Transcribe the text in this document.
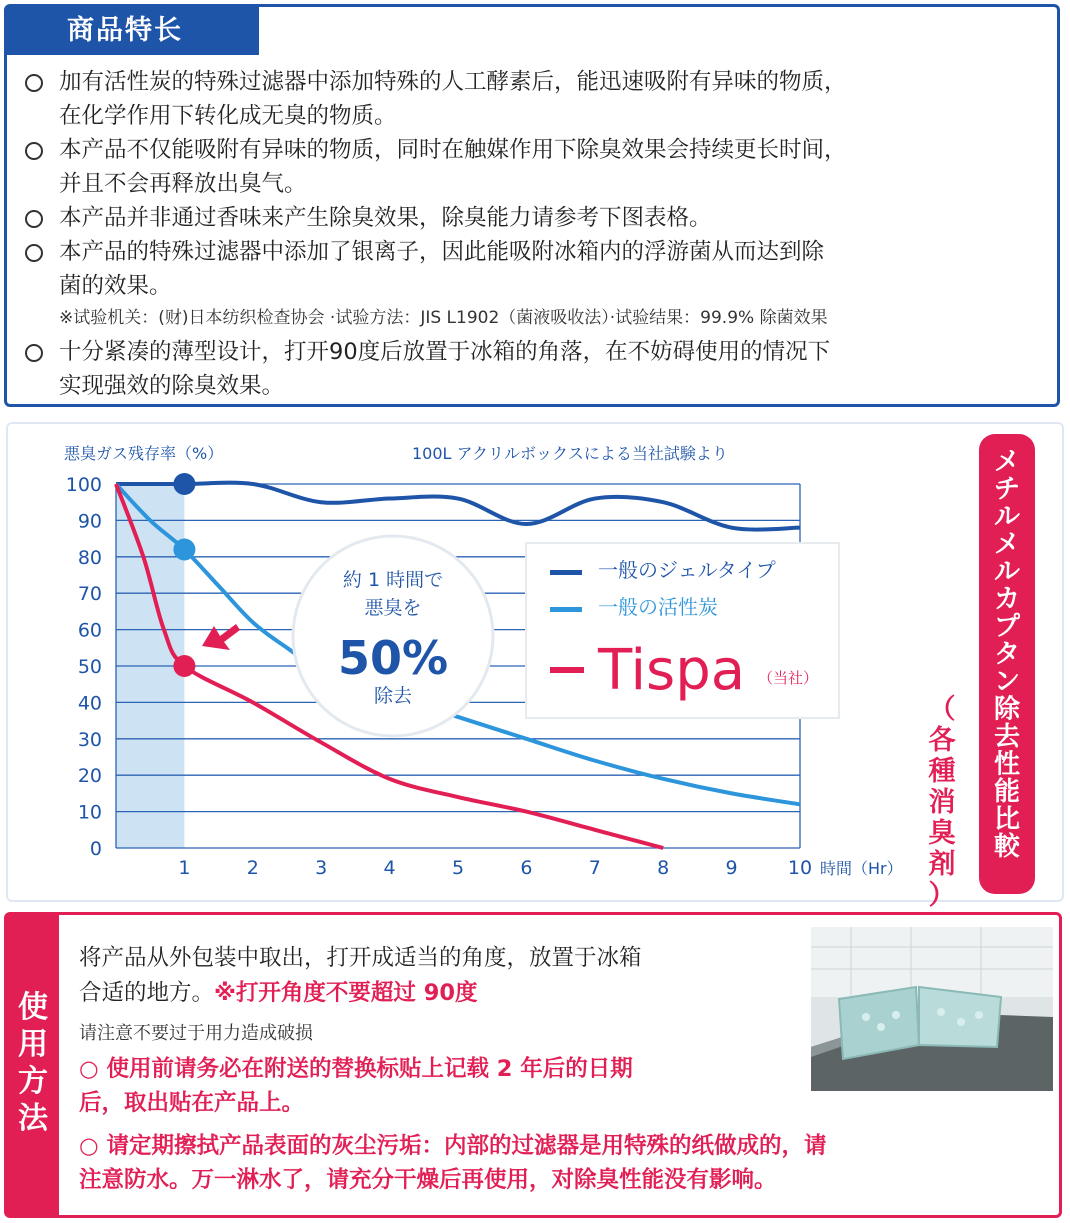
商品特长
加有活性炭的特殊过滤器中添加特殊的人工酵素后，能迅速吸附有异味的物质，
在化学作用下转化成无臭的物质。
本产品不仅能吸附有异味的物质，同时在触媒作用下除臭效果会持续更长时间，
并且不会再释放出臭气。
本产品并非通过香味来产生除臭效果，除臭能力请参考下图表格。
本产品的特殊过滤器中添加了银离子，因此能吸附冰箱内的浮游菌从而达到除
菌的效果。
※试验机关：(财)日本纺织检查协会 ·试验方法：JIS L1902（菌液吸收法）·试验结果：99.9% 除菌效果
十分紧凑的薄型设计，打开90度后放置于冰箱的角落，在不妨碍使用的情况下
实现强效的除臭效果。
0
10
20
30
40
50
60
70
80
90
100
1	2	3	4	5	6	7	8	9	10 時間（Hr）
悪臭ガス残存率（%）	100L アクリルボックスによる当社試験より
約 1 時間で
悪臭を
50%
除去
一般のジェルタイプ
一般の活性炭
Tispa （当社）
（
各
種
消
臭
剤
）
メ
チ
ル
メ
ル
カ
プ
タ
ン
除
去
性
能
比
較
使
用
方
法
将产品从外包装中取出，打开成适当的角度，放置于冰箱
合适的地方。※打开角度不要超过 90度
请注意不要过于用力造成破损
○ 使用前请务必在附送的替换标贴上记载 2 年后的日期
后，取出贴在产品上。
○ 请定期擦拭产品表面的灰尘污垢：内部的过滤器是用特殊的纸做成的，请
注意防水。万一淋水了，请充分干燥后再使用，对除臭性能没有影响。
